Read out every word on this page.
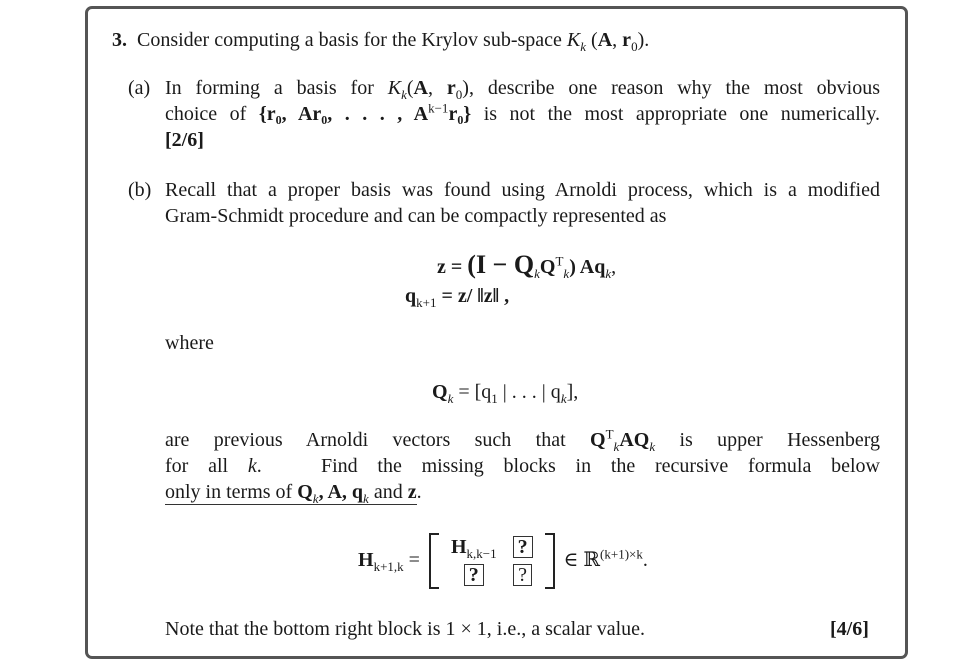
3. Consider computing a basis for the Krylov sub-space $K_k$ (A, $r_0$).
(a) In forming a basis for $K_k(A$, $r_0$), describe one reason why the most obvious
choice of {r₀, Ar₀, . . . , $A^{k-1}r_0$} is not the most appropriate one numerically.
[2/6]
(b) Recall that a proper basis was found using Arnoldi process, which is a modified
Gram-Schmidt procedure and can be compactly represented as
$z = (I - Q_kQ^T_k)$ $Aq_k$,
$q_{k+1} = z/$ ‖z‖ ,
where
$Q_k = [q_1$ | . . . | $q_k$],
are previous Arnoldi vectors such that $Q^T_kAQ_k$ is upper Hessenberg
for all k.   Find the missing blocks in the recursive formula below
only in terms of $Q_k$, A, $q_k$ and z.
$H_{k+1,k}$ =
$H_{k,k-1}$	?
?	?
∈ ℝ$^{(k+1)\times k}$.
Note that the bottom right block is 1 × 1, i.e., a scalar value.	[4/6]
